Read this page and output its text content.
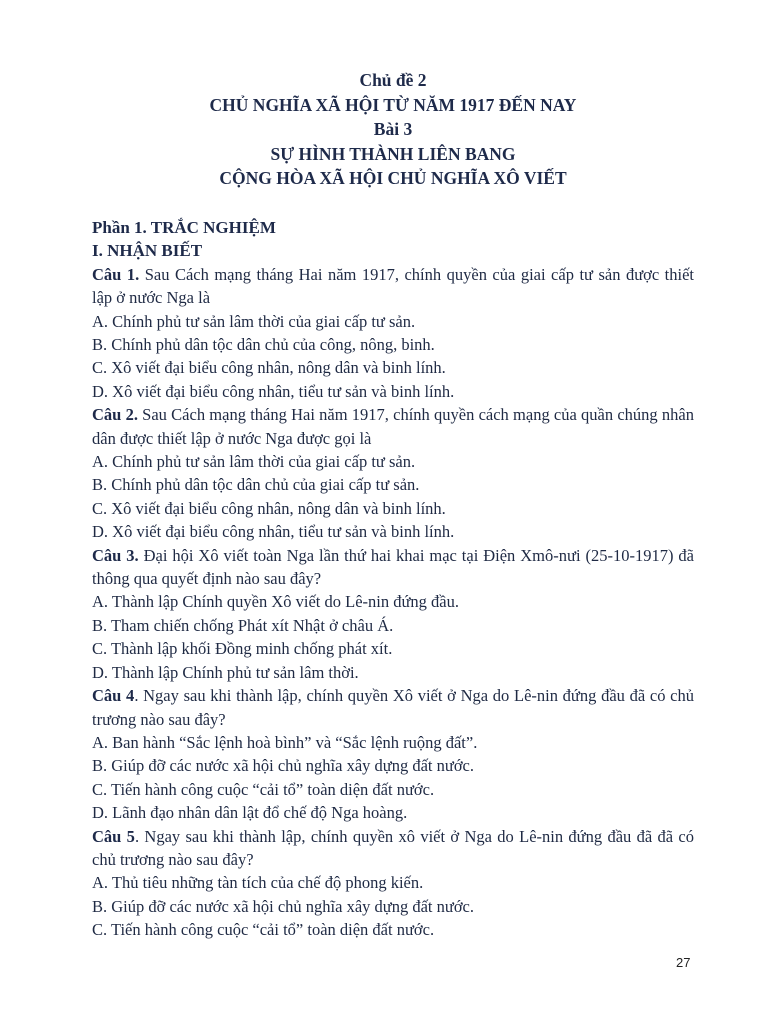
Chủ đề 2
CHỦ NGHĨA XÃ HỘI TỪ NĂM 1917 ĐẾN NAY
Bài 3
SỰ HÌNH THÀNH LIÊN BANG
CỘNG HÒA XÃ HỘI CHỦ NGHĨA XÔ VIẾT
Phần 1. TRẮC NGHIỆM
I. NHẬN BIẾT
Câu 1. Sau Cách mạng tháng Hai năm 1917, chính quyền của giai cấp tư sản được thiết lập ở nước Nga là
A. Chính phủ tư sản lâm thời của giai cấp tư sản.
B. Chính phủ dân tộc dân chủ của công, nông, binh.
C. Xô viết đại biểu công nhân, nông dân và binh lính.
D. Xô viết đại biểu công nhân, tiểu tư sản và binh lính.
Câu 2. Sau Cách mạng tháng Hai năm 1917, chính quyền cách mạng của quần chúng nhân dân được thiết lập ở nước Nga được gọi là
A. Chính phủ tư sản lâm thời của giai cấp tư sản.
B. Chính phủ dân tộc dân chủ của giai cấp tư sản.
C. Xô viết đại biểu công nhân, nông dân và binh lính.
D. Xô viết đại biểu công nhân, tiểu tư sản và binh lính.
Câu 3. Đại hội Xô viết toàn Nga lần thứ hai khai mạc tại Điện Xmô-nưi (25-10-1917) đã thông qua quyết định nào sau đây?
A. Thành lập Chính quyền Xô viết do Lê-nin đứng đầu.
B. Tham chiến chống Phát xít Nhật ở châu Á.
C. Thành lập khối Đồng minh chống phát xít.
D. Thành lập Chính phủ tư sản lâm thời.
Câu 4. Ngay sau khi thành lập, chính quyền Xô viết ở Nga do Lê-nin đứng đầu đã có chủ trương nào sau đây?
A. Ban hành “Sắc lệnh hoà bình” và “Sắc lệnh ruộng đất”.
B. Giúp đỡ các nước xã hội chủ nghĩa xây dựng đất nước.
C. Tiến hành công cuộc “cải tổ” toàn diện đất nước.
D. Lãnh đạo nhân dân lật đổ chế độ Nga hoàng.
Câu 5. Ngay sau khi thành lập, chính quyền xô viết ở Nga do Lê-nin đứng đầu đã đã có chủ trương nào sau đây?
A. Thủ tiêu những tàn tích của chế độ phong kiến.
B. Giúp đỡ các nước xã hội chủ nghĩa xây dựng đất nước.
C. Tiến hành công cuộc “cải tổ” toàn diện đất nước.
27
